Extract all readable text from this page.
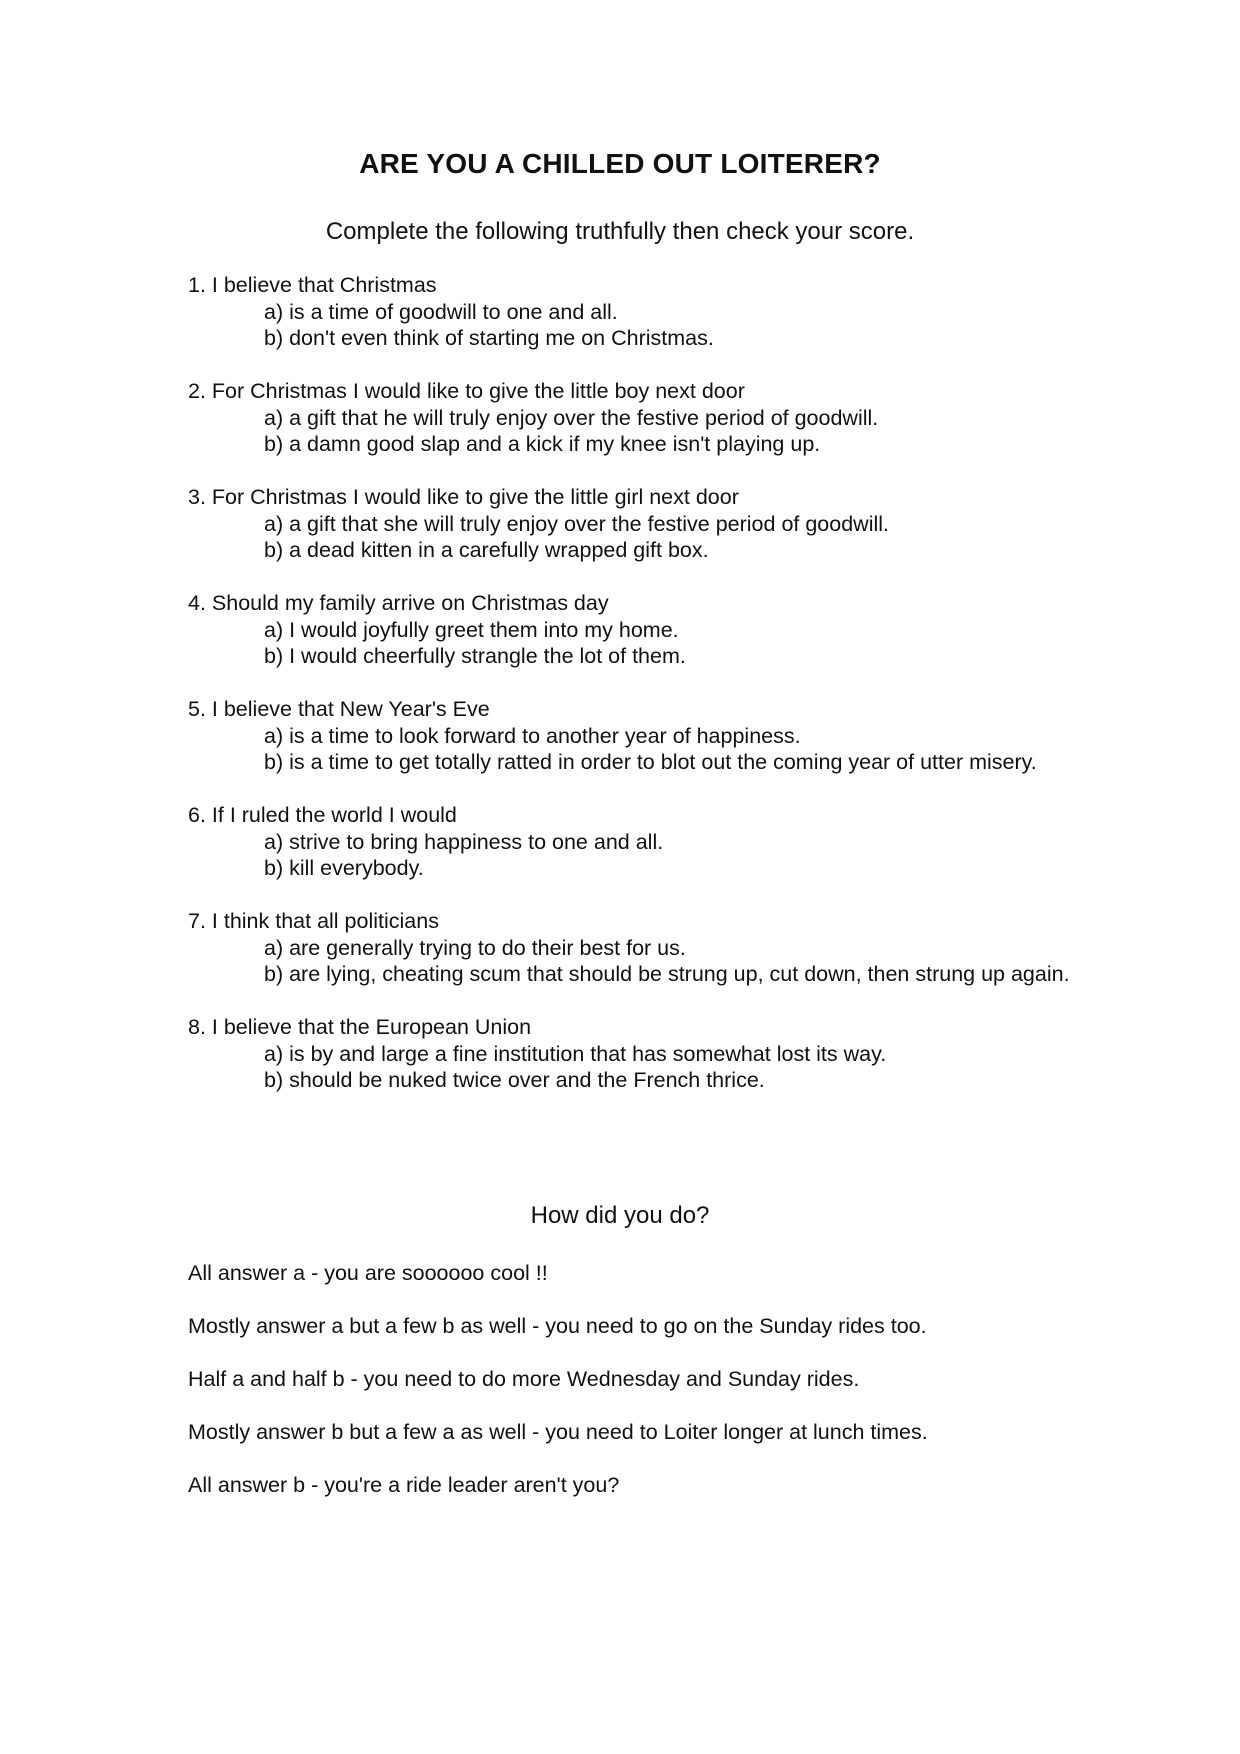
ARE YOU A CHILLED OUT LOITERER?
Complete the following truthfully then check your score.
1. I believe that Christmas
a) is a time of goodwill to one and all.
b) don't even think of starting me on Christmas.
2. For Christmas I would like to give the little boy next door
a) a gift that he will truly enjoy over the festive period of goodwill.
b) a damn good slap and a kick if my knee isn't playing up.
3. For Christmas I would like to give the little girl next door
a) a gift that she will truly enjoy over the festive period of goodwill.
b) a dead kitten in a carefully wrapped gift box.
4. Should my family arrive on Christmas day
a) I would joyfully greet them into my home.
b) I would cheerfully strangle the lot of them.
5. I believe that New Year's Eve
a) is a time to look forward to another year of happiness.
b) is a time to get totally ratted in order to blot out the coming year of utter misery.
6. If I ruled the world I would
a) strive to bring happiness to one and all.
b) kill everybody.
7. I think that all politicians
a) are generally trying to do their best for us.
b) are lying, cheating scum that should be strung up, cut down, then strung up again.
8. I believe that the European Union
a) is by and large a fine institution that has somewhat lost its way.
b) should be nuked twice over and the French thrice.
How did you do?
All answer a - you are soooooo cool !!
Mostly answer a but a few b as well - you need to go on the Sunday rides too.
Half a and half b - you need to do more Wednesday and Sunday rides.
Mostly answer b but a few a as well - you need to Loiter longer at lunch times.
All answer b - you're a ride leader aren't you?
